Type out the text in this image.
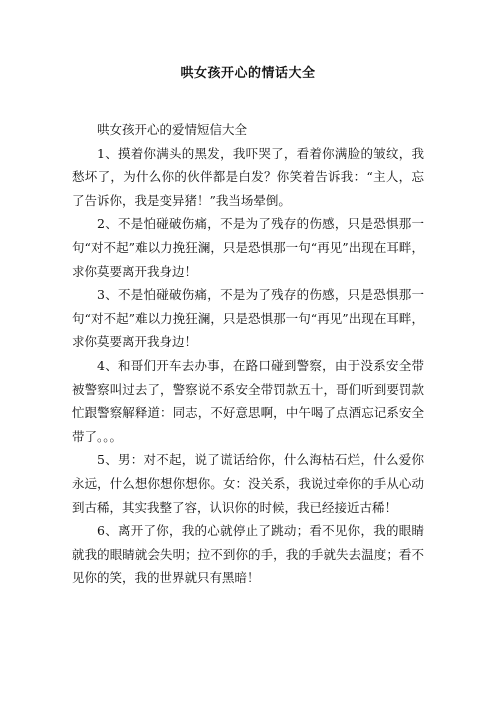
哄女孩开心的情话大全

哄女孩开心的爱情短信大全

1、摸着你满头的黑发，我吓哭了，看着你满脸的皱纹，我愁坏了，为什么你的伙伴都是白发？你笑着告诉我：“主人，忘了告诉你，我是变异猪！”我当场晕倒。

2、不是怕碰破伤痛，不是为了残存的伤感，只是恐惧那一句“对不起”难以力挽狂澜，只是恐惧那一句“再见”出现在耳畔，求你莫要离开我身边！

3、不是怕碰破伤痛，不是为了残存的伤感，只是恐惧那一句“对不起”难以力挽狂澜，只是恐惧那一句“再见”出现在耳畔，求你莫要离开我身边！

4、和哥们开车去办事，在路口碰到警察，由于没系安全带被警察叫过去了，警察说不系安全带罚款五十，哥们听到要罚款忙跟警察解释道：同志，不好意思啊，中午喝了点酒忘记系安全带了。。。

5、男：对不起，说了谎话给你，什么海枯石烂，什么爱你永远，什么想你想你想你。女：没关系，我说过牵你的手从心动到古稀，其实我整了容，认识你的时候，我已经接近古稀！

6、离开了你，我的心就停止了跳动；看不见你，我的眼睛就我的眼睛就会失明；拉不到你的手，我的手就失去温度；看不见你的笑，我的世界就只有黑暗！
